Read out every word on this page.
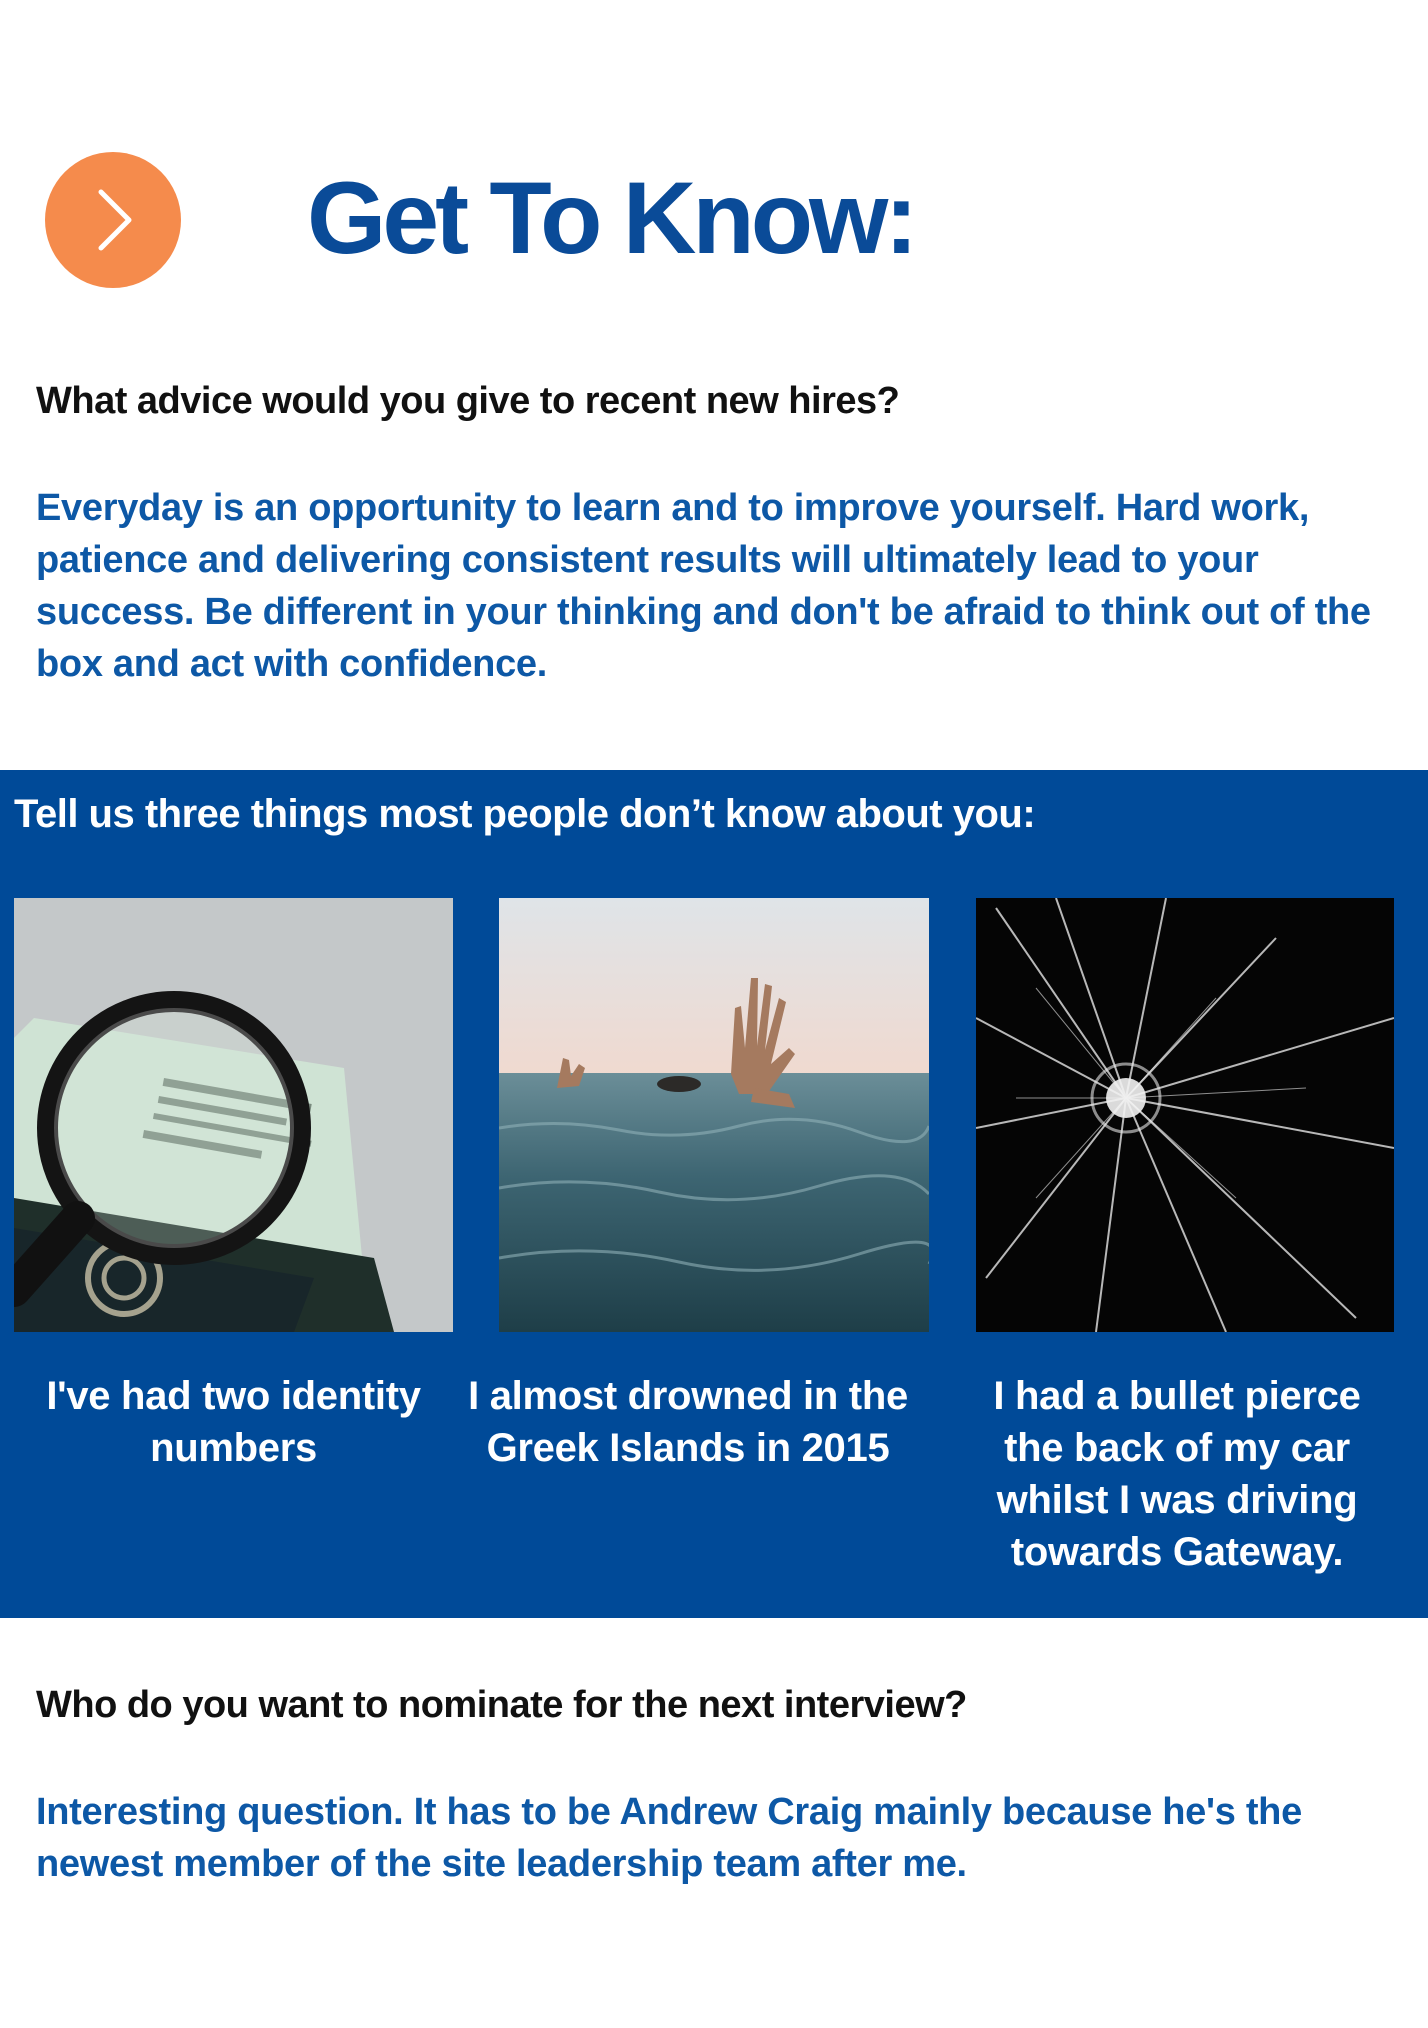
Get To Know:

What advice would you give to recent new hires?

Everyday is an opportunity to learn and to improve yourself. Hard work, patience and delivering consistent results will ultimately lead to your success. Be different in your thinking and don't be afraid to think out of the box and act with confidence.

Tell us three things most people don’t know about you:

I've had two identity numbers

I almost drowned in the Greek Islands in 2015

I had a bullet pierce the back of my car whilst I was driving towards Gateway.

Who do you want to nominate for the next interview?

Interesting question. It has to be Andrew Craig mainly because he's the newest member of the site leadership team after me.
